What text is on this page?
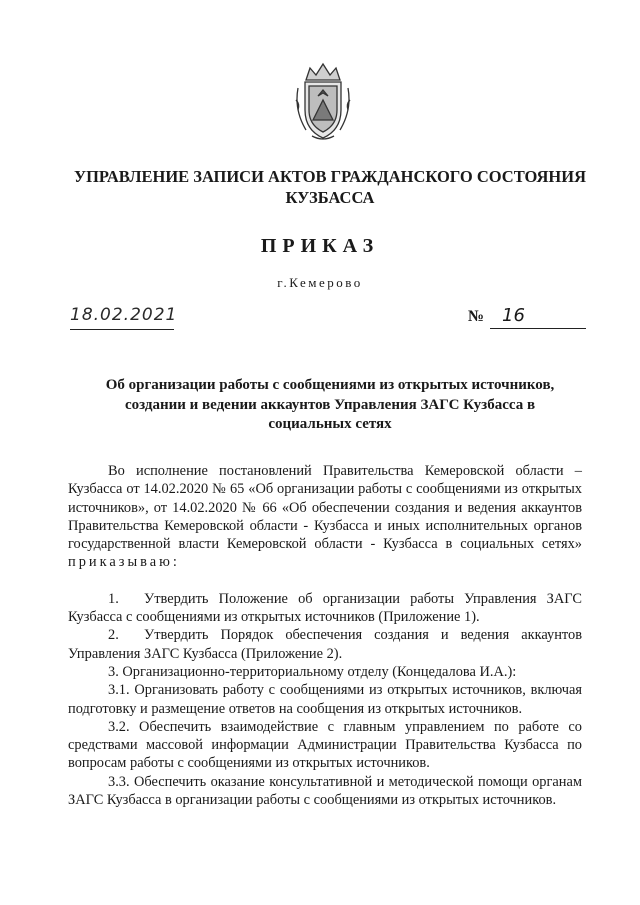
УПРАВЛЕНИЕ ЗАПИСИ АКТОВ ГРАЖДАНСКОГО СОСТОЯНИЯ КУЗБАССА
ПРИКАЗ
г.Кемерово
18.02.2021	№ 16
Об организации работы с сообщениями из открытых источников, создании и ведении аккаунтов Управления ЗАГС Кузбасса в социальных сетях

Во исполнение постановлений Правительства Кемеровской области – Кузбасса от 14.02.2020 № 65 «Об организации работы с сообщениями из открытых источников», от 14.02.2020 № 66 «Об обеспечении создания и ведения аккаунтов Правительства Кемеровской области - Кузбасса и иных исполнительных органов государственной власти Кемеровской области - Кузбасса в социальных сетях» приказываю:

1. Утвердить Положение об организации работы Управления ЗАГС Кузбасса с сообщениями из открытых источников (Приложение 1).

2. Утвердить Порядок обеспечения создания и ведения аккаунтов Управления ЗАГС Кузбасса (Приложение 2).

3. Организационно-территориальному отделу (Концедалова И.А.):

3.1. Организовать работу с сообщениями из открытых источников, включая подготовку и размещение ответов на сообщения из открытых источников.

3.2. Обеспечить взаимодействие с главным управлением по работе со средствами массовой информации Администрации Правительства Кузбасса по вопросам работы с сообщениями из открытых источников.

3.3. Обеспечить оказание консультативной и методической помощи органам ЗАГС Кузбасса в организации работы с сообщениями из открытых источников.
